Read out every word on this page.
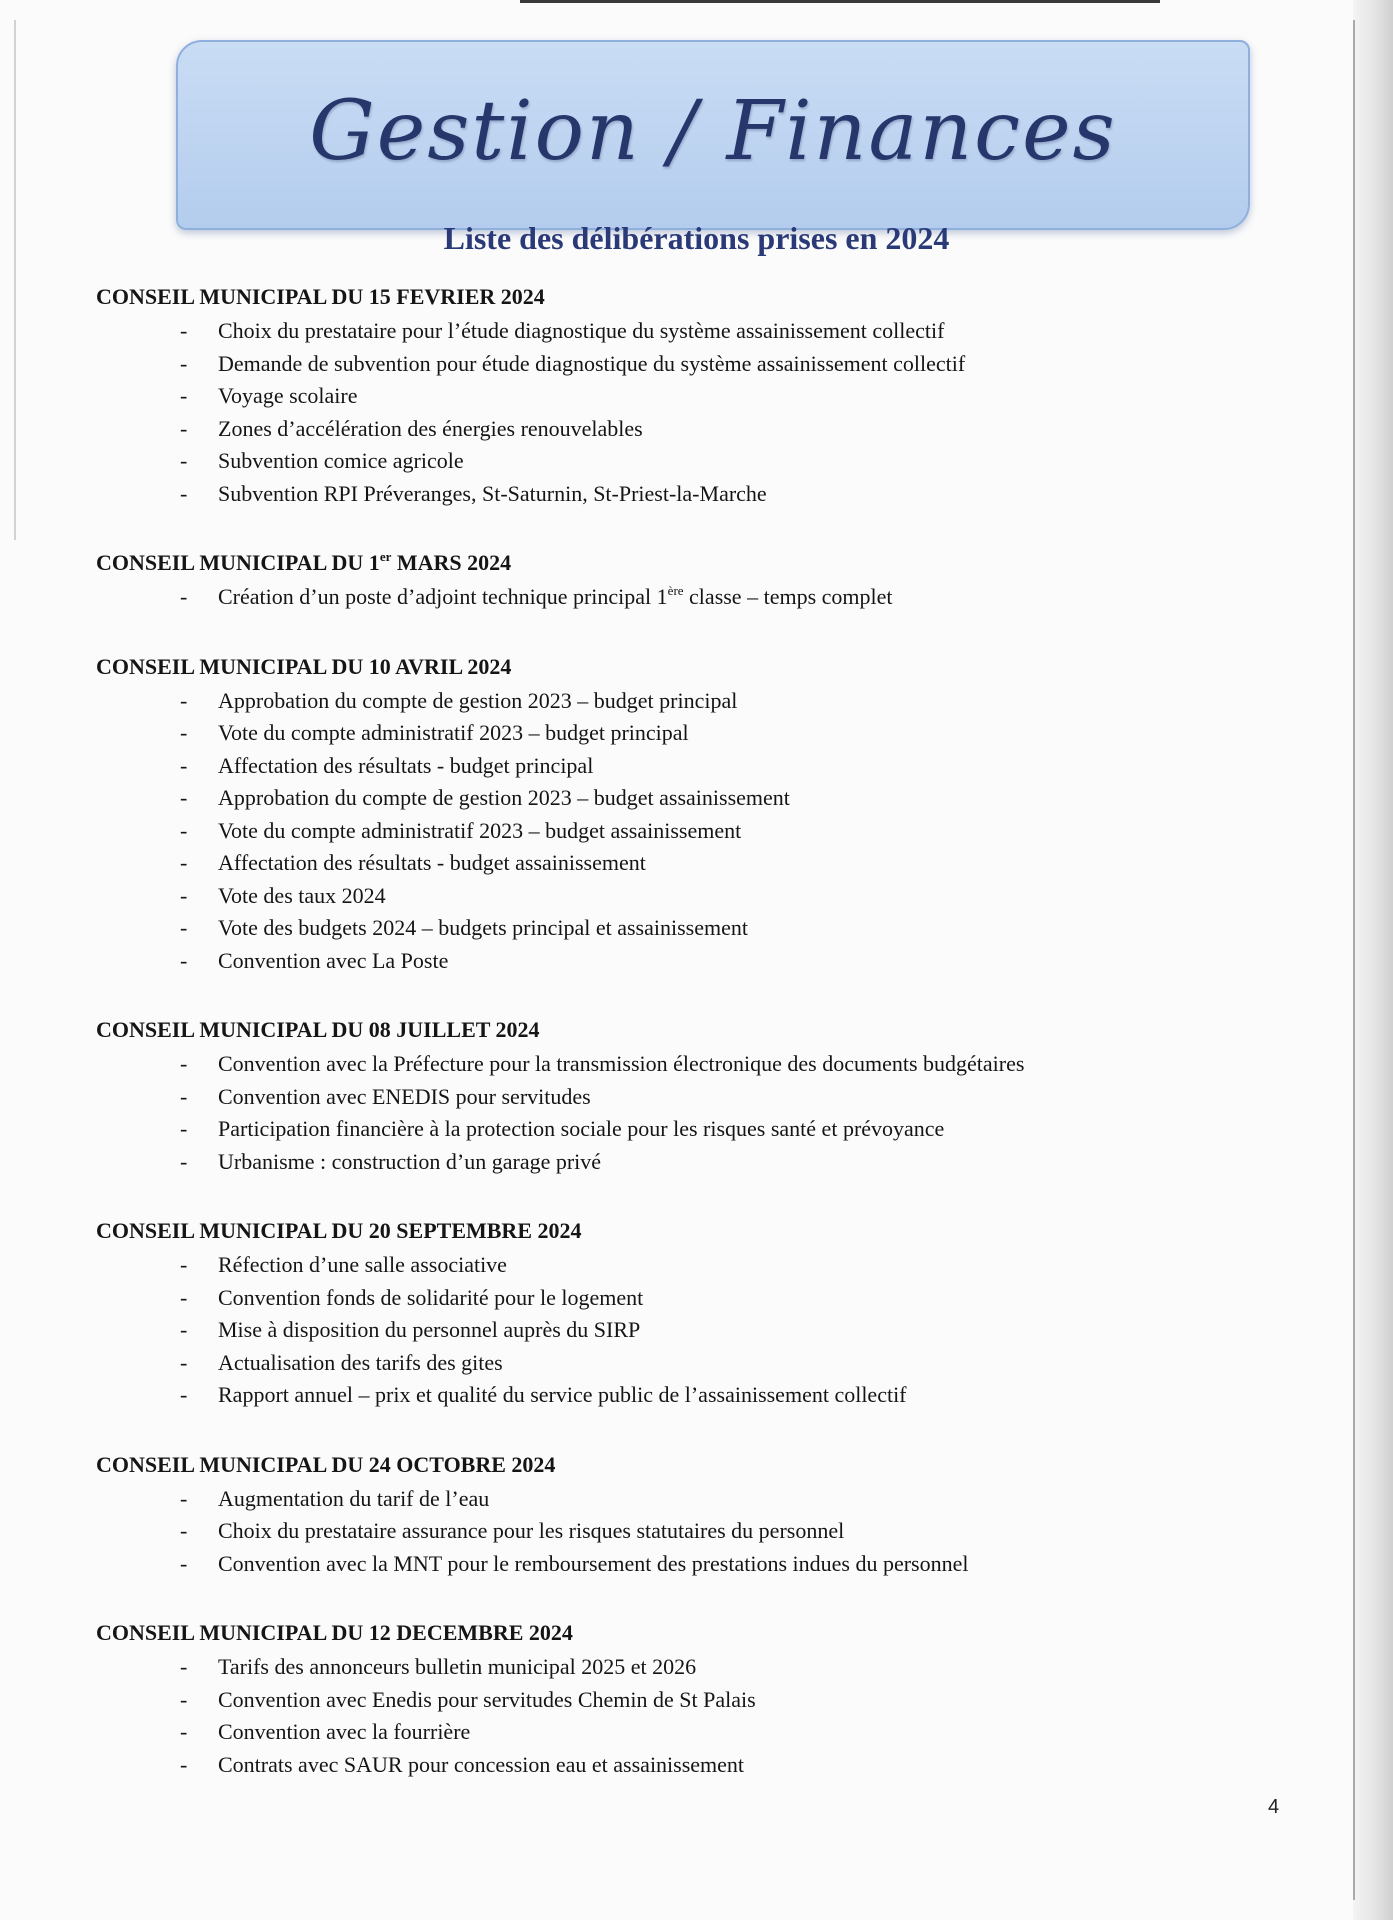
Gestion / Finances
Liste des délibérations prises en 2024
CONSEIL MUNICIPAL DU 15 FEVRIER 2024
- Choix du prestataire pour l’étude diagnostique du système assainissement collectif
- Demande de subvention pour étude diagnostique du système assainissement collectif
- Voyage scolaire
- Zones d’accélération des énergies renouvelables
- Subvention comice agricole
- Subvention RPI Préveranges, St-Saturnin, St-Priest-la-Marche
CONSEIL MUNICIPAL DU 1er MARS 2024
- Création d’un poste d’adjoint technique principal 1ère classe – temps complet
CONSEIL MUNICIPAL DU 10 AVRIL 2024
- Approbation du compte de gestion 2023 – budget principal
- Vote du compte administratif 2023 – budget principal
- Affectation des résultats - budget principal
- Approbation du compte de gestion 2023 – budget assainissement
- Vote du compte administratif 2023 – budget assainissement
- Affectation des résultats - budget assainissement
- Vote des taux 2024
- Vote des budgets 2024 – budgets principal et assainissement
- Convention avec La Poste
CONSEIL MUNICIPAL DU 08 JUILLET 2024
- Convention avec la Préfecture pour la transmission électronique des documents budgétaires
- Convention avec ENEDIS pour servitudes
- Participation financière à la protection sociale pour les risques santé et prévoyance
- Urbanisme : construction d’un garage privé
CONSEIL MUNICIPAL DU 20 SEPTEMBRE 2024
- Réfection d’une salle associative
- Convention fonds de solidarité pour le logement
- Mise à disposition du personnel auprès du SIRP
- Actualisation des tarifs des gites
- Rapport annuel – prix et qualité du service public de l’assainissement collectif
CONSEIL MUNICIPAL DU 24 OCTOBRE 2024
- Augmentation du tarif de l’eau
- Choix du prestataire assurance pour les risques statutaires du personnel
- Convention avec la MNT pour le remboursement des prestations indues du personnel
CONSEIL MUNICIPAL DU 12 DECEMBRE 2024
- Tarifs des annonceurs bulletin municipal 2025 et 2026
- Convention avec Enedis pour servitudes Chemin de St Palais
- Convention avec la fourrière
- Contrats avec SAUR pour concession eau et assainissement
4
